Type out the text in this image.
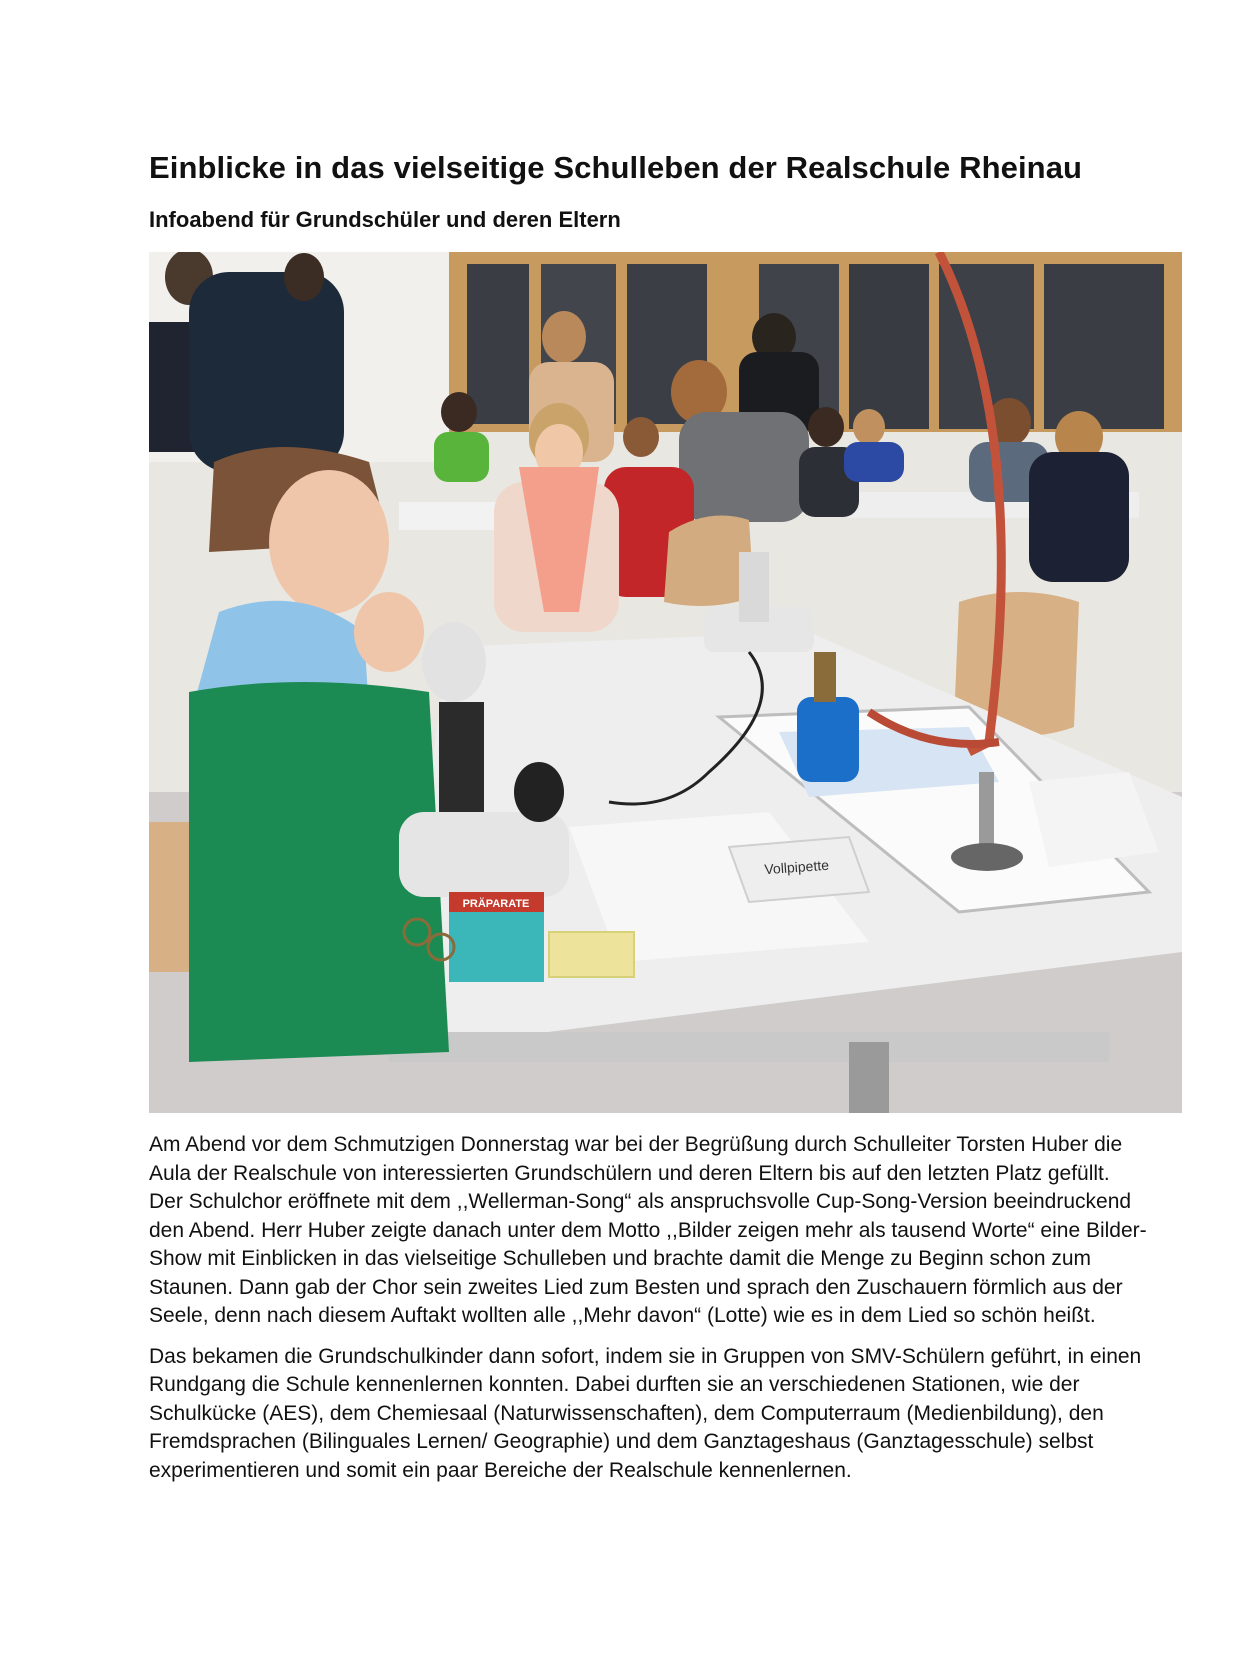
Einblicke in das vielseitige Schulleben der Realschule Rheinau
Infoabend für Grundschüler und deren Eltern
PRÄPARATE
Vollpipette

Am Abend vor dem Schmutzigen Donnerstag war bei der Begrüßung durch Schulleiter Torsten Huber die Aula der Realschule von interessierten Grundschülern und deren Eltern bis auf den letzten Platz gefüllt. Der Schulchor eröffnete mit dem ,,Wellerman-Song“ als anspruchsvolle Cup-Song-Version beeindruckend den Abend. Herr Huber zeigte danach unter dem Motto ,,Bilder zeigen mehr als tausend Worte“ eine Bilder-Show mit Einblicken in das vielseitige Schulleben und brachte damit die Menge zu Beginn schon zum Staunen. Dann gab der Chor sein zweites Lied zum Besten und sprach den Zuschauern förmlich aus der Seele, denn nach diesem Auftakt wollten alle ,,Mehr davon“ (Lotte) wie es in dem Lied so schön heißt.

Das bekamen die Grundschulkinder dann sofort, indem sie in Gruppen von SMV-Schülern geführt, in einen Rundgang die Schule kennenlernen konnten. Dabei durften sie an verschiedenen Stationen, wie der Schulkücke (AES), dem Chemiesaal (Naturwissenschaften), dem Computerraum (Medienbildung), den Fremdsprachen (Bilinguales Lernen/ Geographie) und dem Ganztageshaus (Ganztagesschule) selbst experimentieren und somit ein paar Bereiche der Realschule kennenlernen.
